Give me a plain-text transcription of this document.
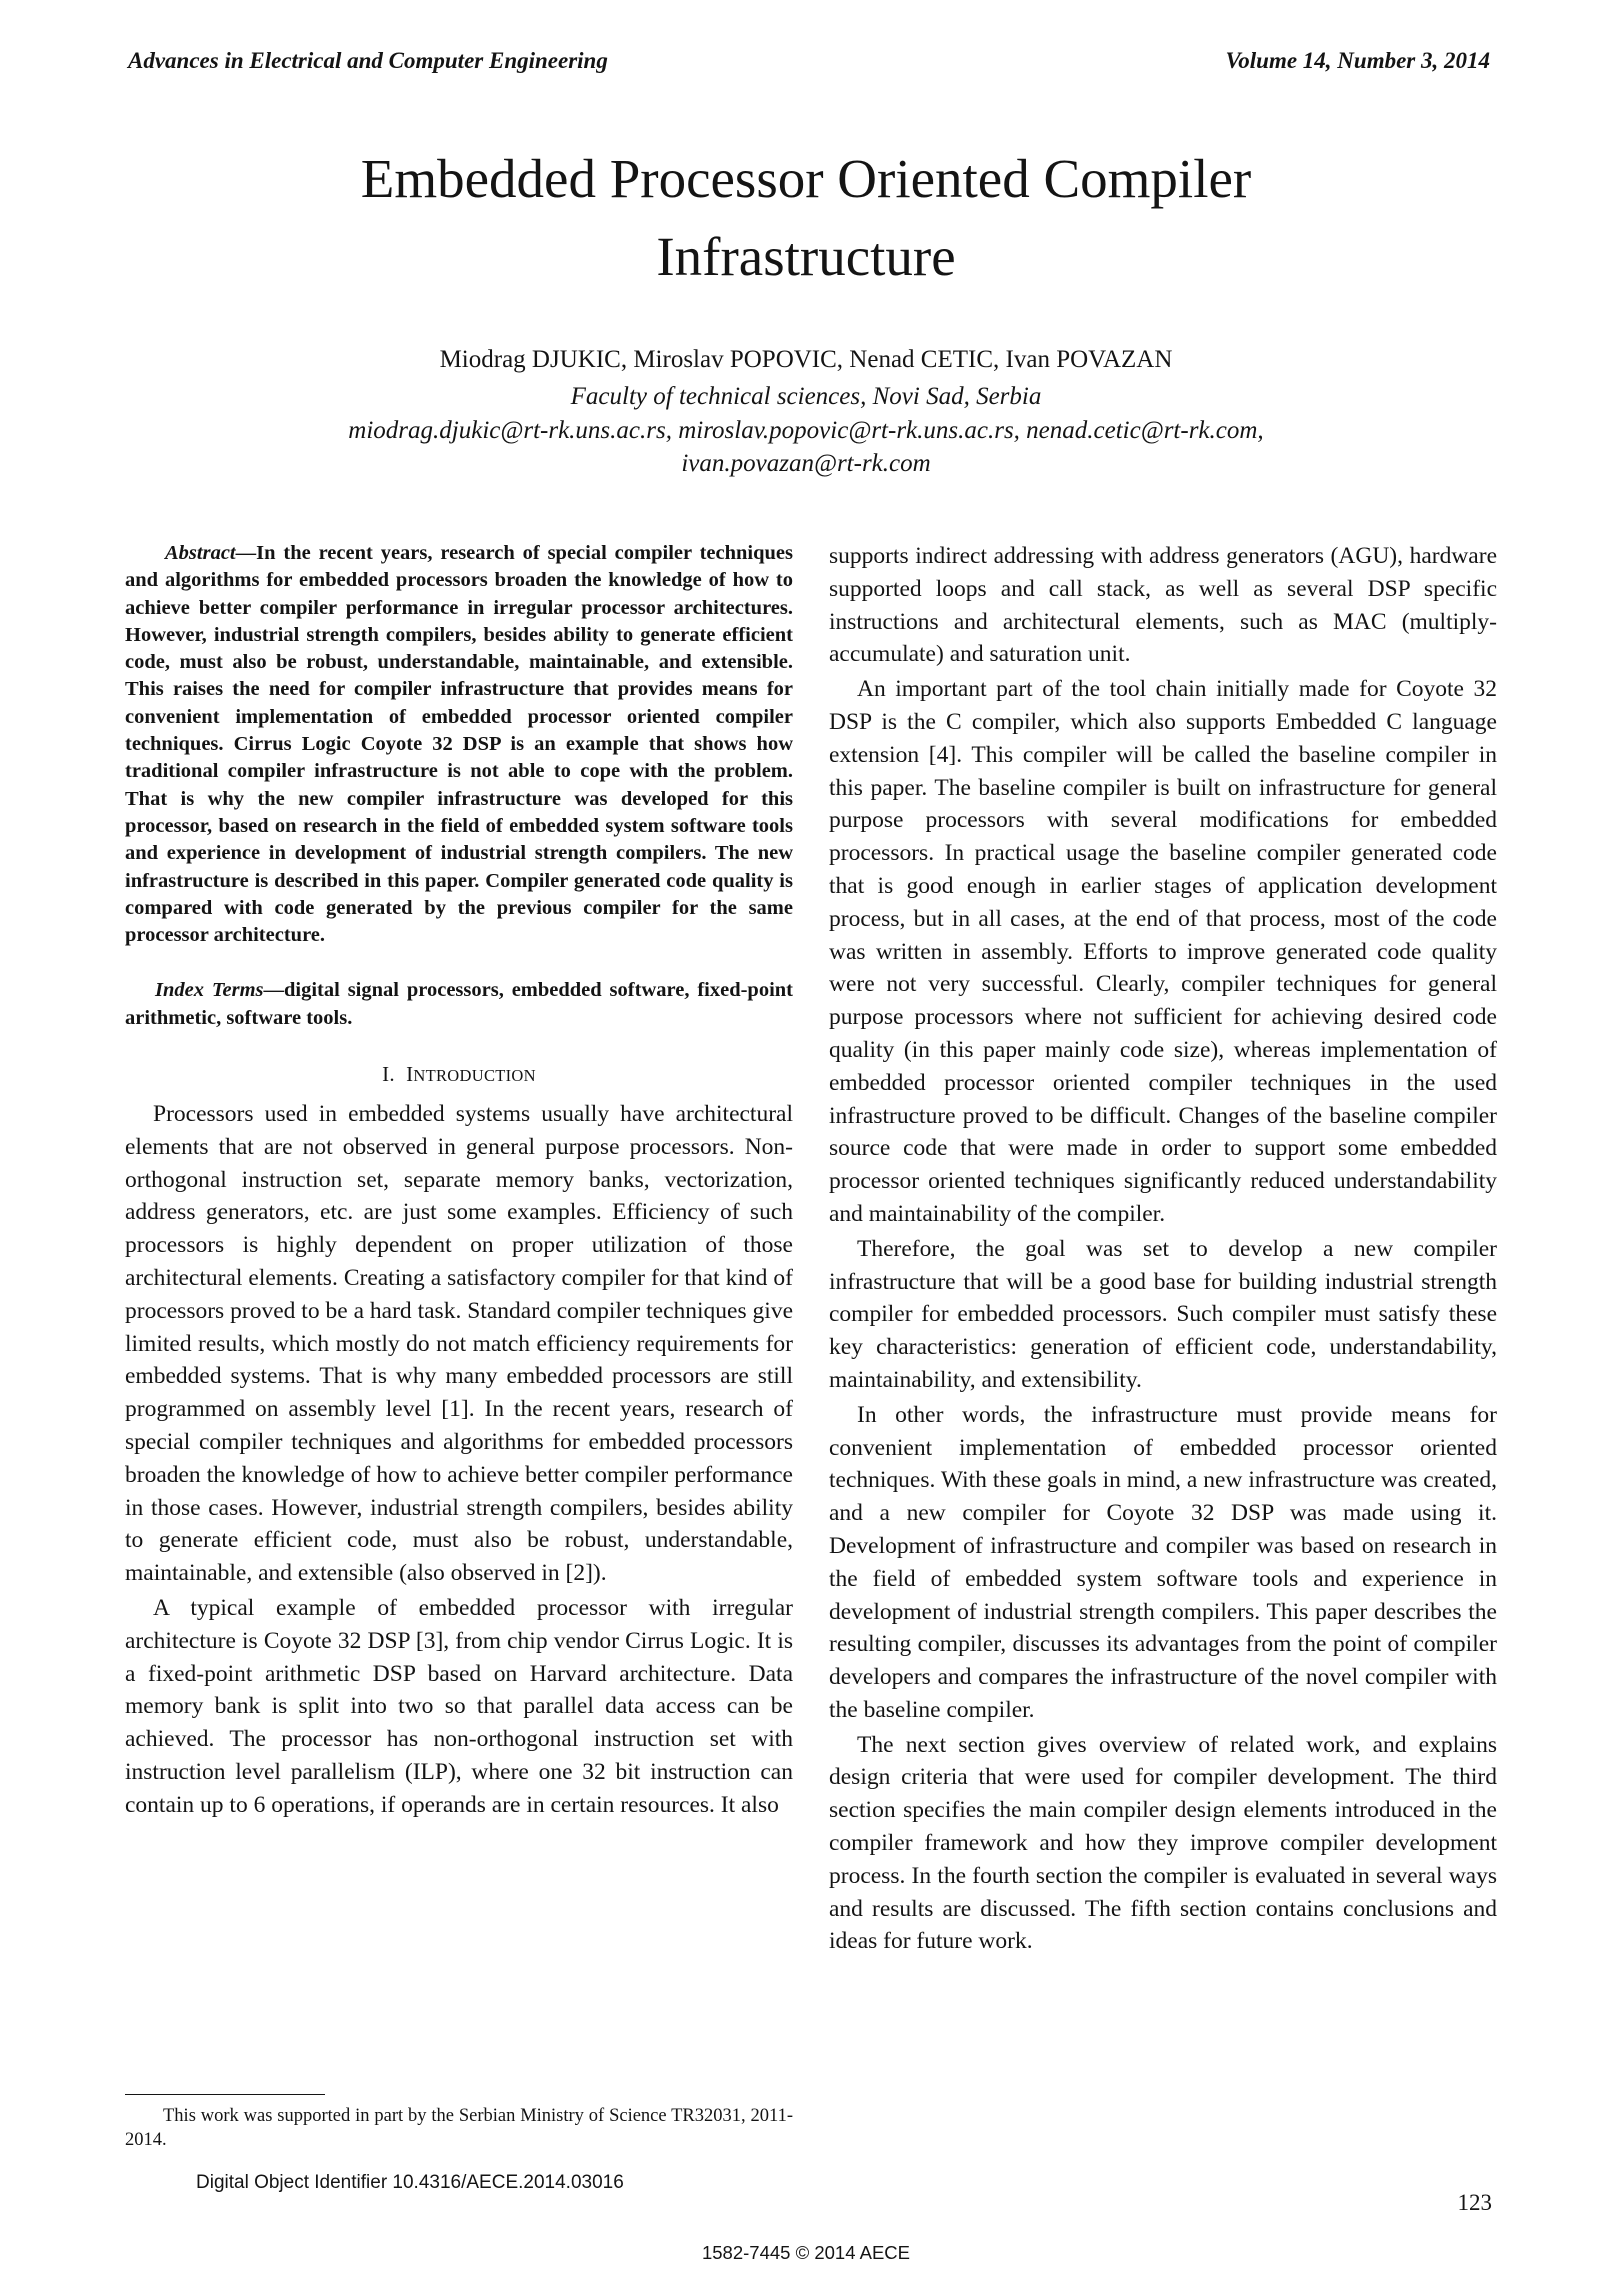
Advances in Electrical and Computer Engineering	Volume 14, Number 3, 2014
Embedded Processor Oriented Compiler
Infrastructure
Miodrag DJUKIC, Miroslav POPOVIC, Nenad CETIC, Ivan POVAZAN
Faculty of technical sciences, Novi Sad, Serbia
miodrag.djukic@rt-rk.uns.ac.rs, miroslav.popovic@rt-rk.uns.ac.rs, nenad.cetic@rt-rk.com,
ivan.povazan@rt-rk.com

Abstract—In the recent years, research of special compiler techniques and algorithms for embedded processors broaden the knowledge of how to achieve better compiler performance in irregular processor architectures. However, industrial strength compilers, besides ability to generate efficient code, must also be robust, understandable, maintainable, and extensible. This raises the need for compiler infrastructure that provides means for convenient implementation of embedded processor oriented compiler techniques. Cirrus Logic Coyote 32 DSP is an example that shows how traditional compiler infrastructure is not able to cope with the problem. That is why the new compiler infrastructure was developed for this processor, based on research in the field of embedded system software tools and experience in development of industrial strength compilers. The new infrastructure is described in this paper. Compiler generated code quality is compared with code generated by the previous compiler for the same processor architecture.

Index Terms—digital signal processors, embedded software, fixed-point arithmetic, software tools.

I. INTRODUCTION

Processors used in embedded systems usually have architectural elements that are not observed in general purpose processors. Non-orthogonal instruction set, separate memory banks, vectorization, address generators, etc. are just some examples. Efficiency of such processors is highly dependent on proper utilization of those architectural elements. Creating a satisfactory compiler for that kind of processors proved to be a hard task. Standard compiler techniques give limited results, which mostly do not match efficiency requirements for embedded systems. That is why many embedded processors are still programmed on assembly level [1]. In the recent years, research of special compiler techniques and algorithms for embedded processors broaden the knowledge of how to achieve better compiler performance in those cases. However, industrial strength compilers, besides ability to generate efficient code, must also be robust, understandable, maintainable, and extensible (also observed in [2]).

A typical example of embedded processor with irregular architecture is Coyote 32 DSP [3], from chip vendor Cirrus Logic. It is a fixed-point arithmetic DSP based on Harvard architecture. Data memory bank is split into two so that parallel data access can be achieved. The processor has non-orthogonal instruction set with instruction level parallelism (ILP), where one 32 bit instruction can contain up to 6 operations, if operands are in certain resources. It also

supports indirect addressing with address generators (AGU), hardware supported loops and call stack, as well as several DSP specific instructions and architectural elements, such as MAC (multiply-accumulate) and saturation unit.

An important part of the tool chain initially made for Coyote 32 DSP is the C compiler, which also supports Embedded C language extension [4]. This compiler will be called the baseline compiler in this paper. The baseline compiler is built on infrastructure for general purpose processors with several modifications for embedded processors. In practical usage the baseline compiler generated code that is good enough in earlier stages of application development process, but in all cases, at the end of that process, most of the code was written in assembly. Efforts to improve generated code quality were not very successful. Clearly, compiler techniques for general purpose processors where not sufficient for achieving desired code quality (in this paper mainly code size), whereas implementation of embedded processor oriented compiler techniques in the used infrastructure proved to be difficult. Changes of the baseline compiler source code that were made in order to support some embedded processor oriented techniques significantly reduced understandability and maintainability of the compiler.

Therefore, the goal was set to develop a new compiler infrastructure that will be a good base for building industrial strength compiler for embedded processors. Such compiler must satisfy these key characteristics: generation of efficient code, understandability, maintainability, and extensibility.

In other words, the infrastructure must provide means for convenient implementation of embedded processor oriented techniques. With these goals in mind, a new infrastructure was created, and a new compiler for Coyote 32 DSP was made using it. Development of infrastructure and compiler was based on research in the field of embedded system software tools and experience in development of industrial strength compilers. This paper describes the resulting compiler, discusses its advantages from the point of compiler developers and compares the infrastructure of the novel compiler with the baseline compiler.

The next section gives overview of related work, and explains design criteria that were used for compiler development. The third section specifies the main compiler design elements introduced in the compiler framework and how they improve compiler development process. In the fourth section the compiler is evaluated in several ways and results are discussed. The fifth section contains conclusions and ideas for future work.

This work was supported in part by the Serbian Ministry of Science TR32031, 2011-2014.
Digital Object Identifier 10.4316/AECE.2014.03016
123
1582-7445 © 2014 AECE
